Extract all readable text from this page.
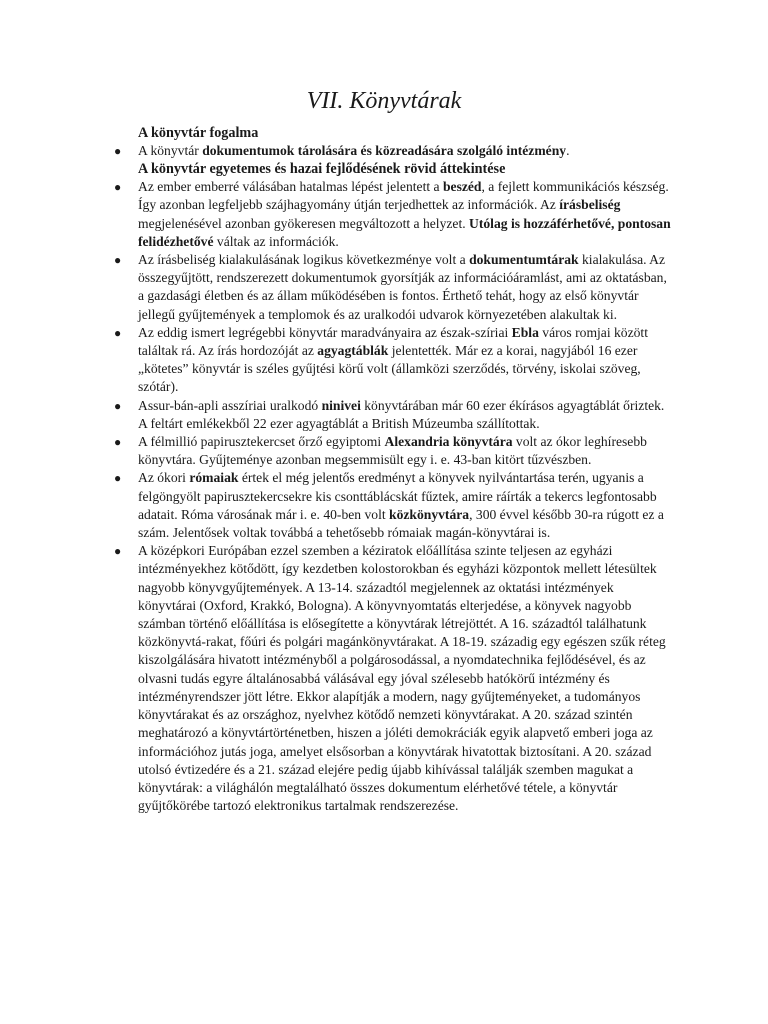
VII. Könyvtárak

A könyvtár fogalma

● A könyvtár dokumentumok tárolására és közreadására szolgáló intézmény.

A könyvtár egyetemes és hazai fejlődésének rövid áttekintése

● Az ember emberré válásában hatalmas lépést jelentett a beszéd, a fejlett kommunikációs készség. Így azonban legfeljebb szájhagyomány útján terjedhettek az információk. Az írásbeliség megjelenésével azonban gyökeresen megváltozott a helyzet. Utólag is hozzáférhetővé, pontosan felidézhetővé váltak az információk.

● Az írásbeliség kialakulásának logikus következménye volt a dokumentumtárak kialakulása. Az összegyűjtött, rendszerezett dokumentumok gyorsítják az információáramlást, ami az oktatásban, a gazdasági életben és az állam működésében is fontos. Érthető tehát, hogy az első könyvtár jellegű gyűjtemények a templomok és az uralkodói udvarok környezetében alakultak ki.

● Az eddig ismert legrégebbi könyvtár maradványaira az észak-szíriai Ebla város romjai között találtak rá. Az írás hordozóját az agyagtáblák jelentették. Már ez a korai, nagyjából 16 ezer „kötetes” könyvtár is széles gyűjtési körű volt (államközi szerződés, törvény, iskolai szöveg, szótár).

● Assur-bán-apli asszíriai uralkodó ninivei könyvtárában már 60 ezer ékírásos agyagtáblát őriztek. A feltárt emlékekből 22 ezer agyagtáblát a British Múzeumba szállítottak.

● A félmillió papirusztekercset őrző egyiptomi Alexandria könyvtára volt az ókor leghíresebb könyvtára. Gyűjteménye azonban megsemmisült egy i. e. 43-ban kitört tűzvészben.

● Az ókori rómaiak értek el még jelentős eredményt a könyvek nyilvántartása terén, ugyanis a felgöngyölt papirusztekercsekre kis csonttáblácskát fűztek, amire ráírták a tekercs legfontosabb adatait. Róma városának már i. e. 40-ben volt közkönyvtára, 300 évvel később 30-ra rúgott ez a szám. Jelentősek voltak továbbá a tehetősebb rómaiak magán-könyvtárai is.

● A középkori Európában ezzel szemben a kéziratok előállítása szinte teljesen az egyházi intézményekhez kötődött, így kezdetben kolostorokban és egyházi központok mellett létesültek nagyobb könyvgyűjtemények. A 13-14. századtól megjelennek az oktatási intézmények könyvtárai (Oxford, Krakkó, Bologna). A könyvnyomtatás elterjedése, a könyvek nagyobb számban történő előállítása is elősegítette a könyvtárak létrejöttét. A 16. századtól találhatunk közkönyvtá-rakat, főúri és polgári magánkönyvtárakat. A 18-19. századig egy egészen szűk réteg kiszolgálására hivatott intézményből a polgárosodással, a nyomdatechnika fejlődésével, és az olvasni tudás egyre általánosabbá válásával egy jóval szélesebb hatókörű intézmény és intézményrendszer jött létre. Ekkor alapítják a modern, nagy gyűjteményeket, a tudományos könyvtárakat és az országhoz, nyelvhez kötődő nemzeti könyvtárakat. A 20. század szintén meghatározó a könyvtártörténetben, hiszen a jóléti demokráciák egyik alapvető emberi joga az információhoz jutás joga, amelyet elsősorban a könyvtárak hivatottak biztosítani. A 20. század utolsó évtizedére és a 21. század elejére pedig újabb kihívással találják szemben magukat a könyvtárak: a világhálón megtalálható összes dokumentum elérhetővé tétele, a könyvtár gyűjtőkörébe tartozó elektronikus tartalmak rendszerezése.
